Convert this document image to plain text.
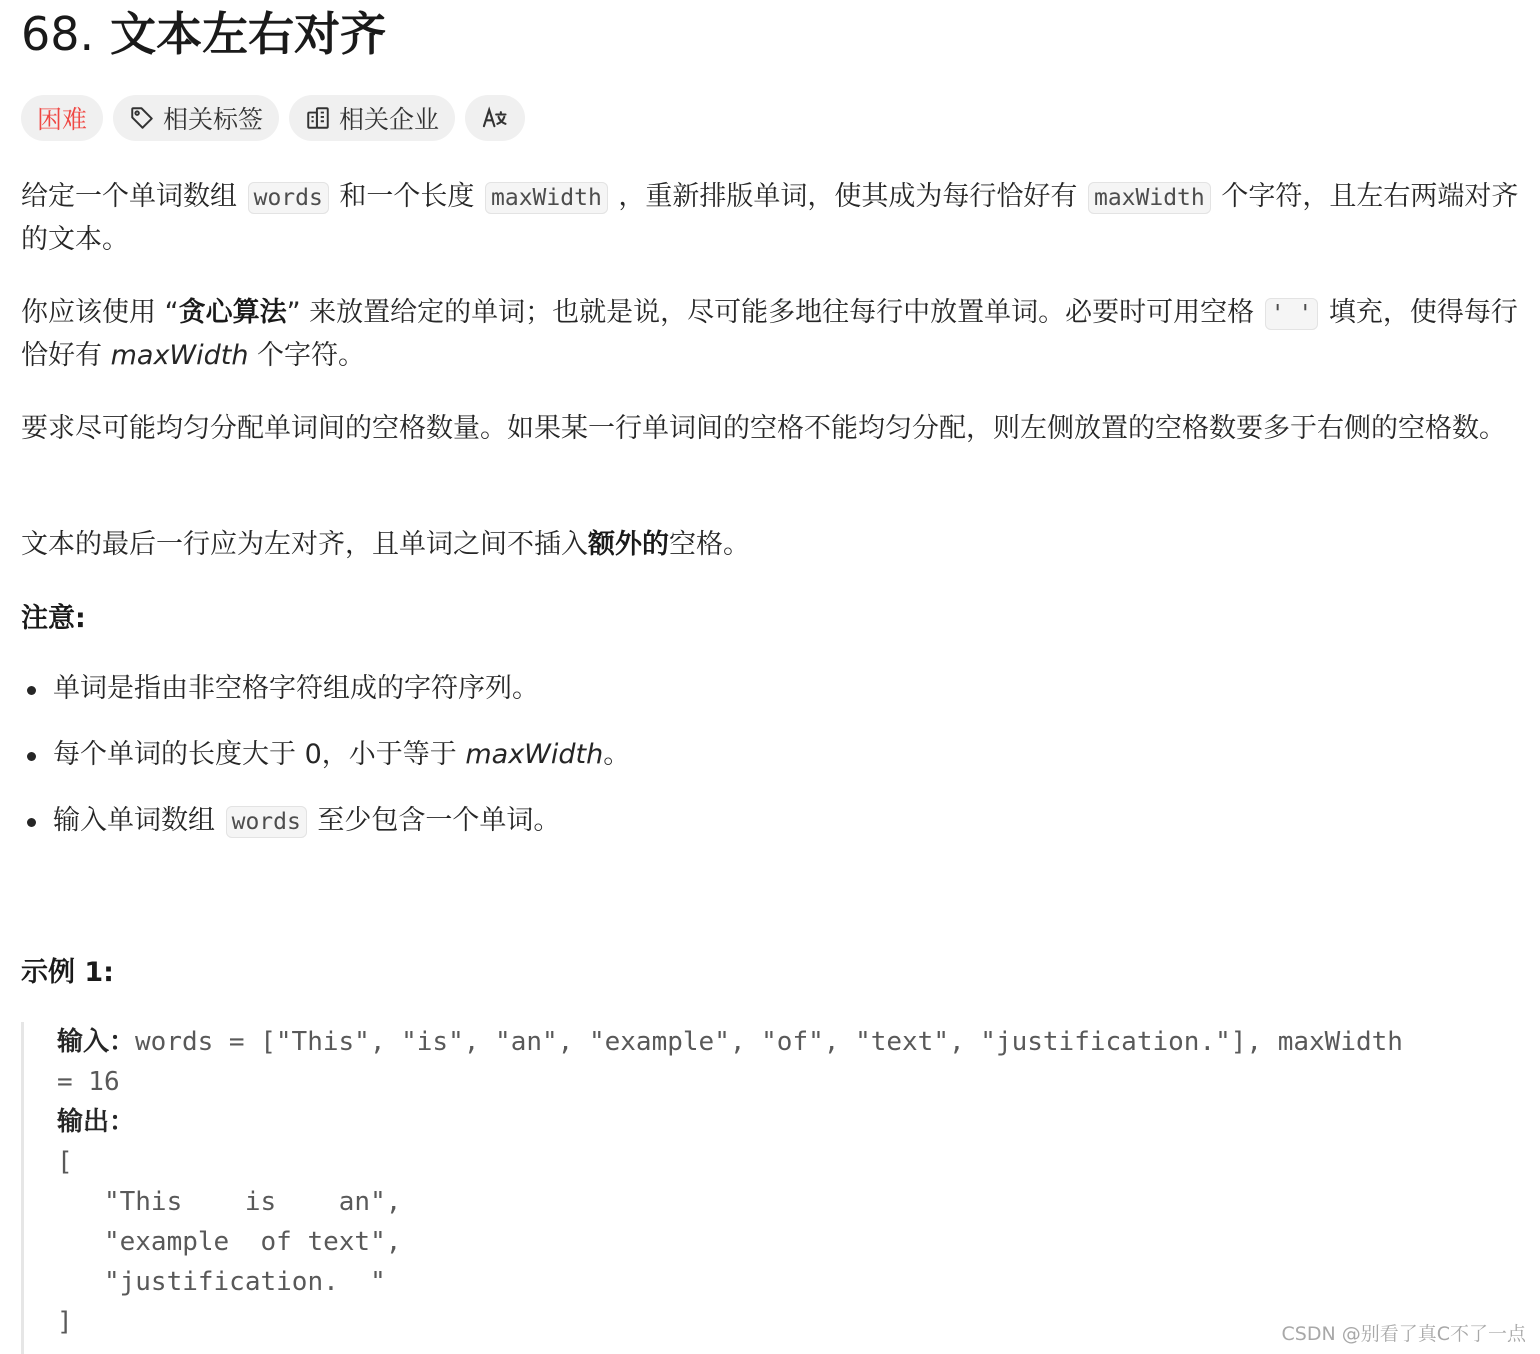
68. 文本左右对齐
困难	相关标签	相关企业

给定一个单词数组 words 和一个长度 maxWidth ，重新排版单词，使其成为每行恰好有 maxWidth 个字符，且左右两端对齐的文本。

你应该使用 “贪心算法” 来放置给定的单词；也就是说，尽可能多地往每行中放置单词。必要时可用空格 ' ' 填充，使得每行恰好有 maxWidth 个字符。

要求尽可能均匀分配单词间的空格数量。如果某一行单词间的空格不能均匀分配，则左侧放置的空格数要多于右侧的空格数。

文本的最后一行应为左对齐，且单词之间不插入额外的空格。

注意:
单词是指由非空格字符组成的字符序列。
每个单词的长度大于 0，小于等于 maxWidth。
输入单词数组 words 至少包含一个单词。
示例 1:
输入：words = ["This", "is", "an", "example", "of", "text", "justification."], maxWidth
= 16
输出：
[
"This    is    an",
"example  of text",
"justification.  "
]	CSDN @别看了真C不了一点
